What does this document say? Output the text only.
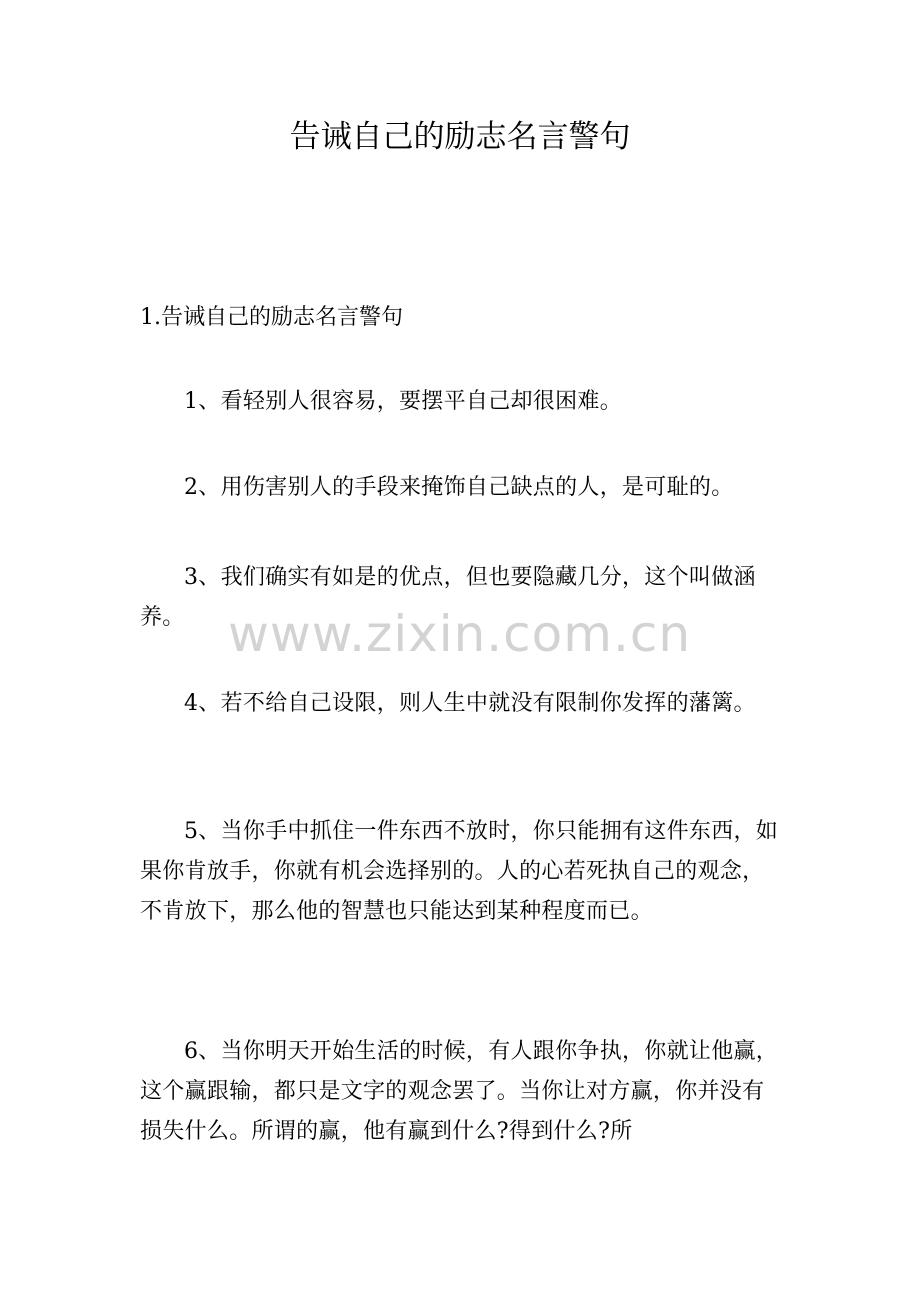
告诫自己的励志名言警句

1.告诫自己的励志名言警句

1、看轻别人很容易，要摆平自己却很困难。

2、用伤害别人的手段来掩饰自己缺点的人，是可耻的。

3、我们确实有如是的优点，但也要隐藏几分，这个叫做涵养。

4、若不给自己设限，则人生中就没有限制你发挥的藩篱。

5、当你手中抓住一件东西不放时，你只能拥有这件东西，如果你肯放手，你就有机会选择别的。人的心若死执自己的观念，不肯放下，那么他的智慧也只能达到某种程度而已。

6、当你明天开始生活的时候，有人跟你争执，你就让他赢，这个赢跟输，都只是文字的观念罢了。当你让对方赢，你并没有损失什么。所谓的赢，他有赢到什么?得到什么?所

www.zixin.com.cn
